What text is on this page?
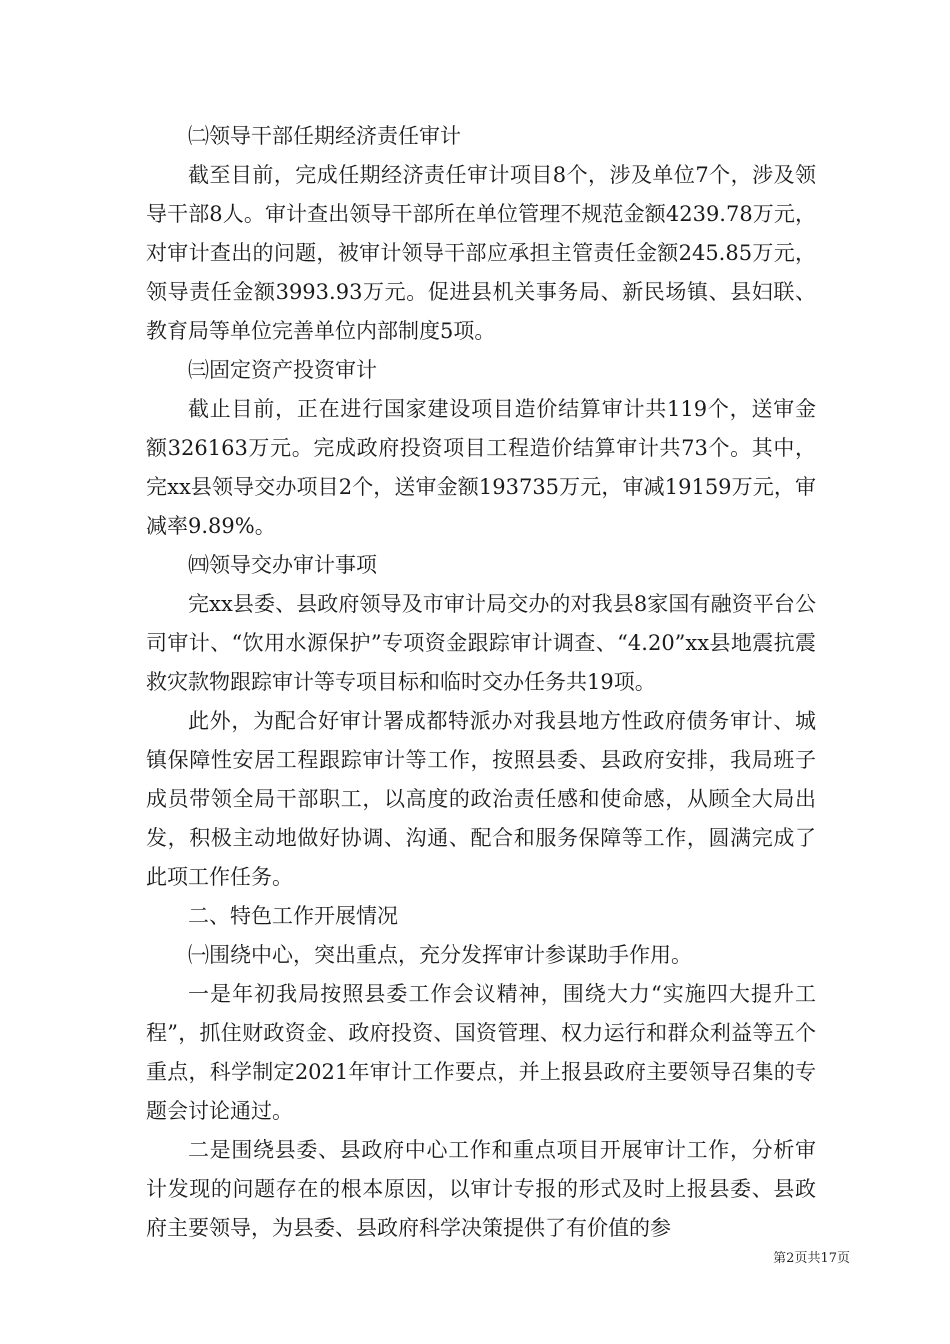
㈡领导干部任期经济责任审计

截至目前，完成任期经济责任审计项目8个，涉及单位7个，涉及领导干部8人。审计查出领导干部所在单位管理不规范金额4239.78万元，对审计查出的问题，被审计领导干部应承担主管责任金额245.85万元，领导责任金额3993.93万元。促进县机关事务局、新民场镇、县妇联、教育局等单位完善单位内部制度5项。

㈢固定资产投资审计

截止目前，正在进行国家建设项目造价结算审计共119个，送审金额326163万元。完成政府投资项目工程造价结算审计共73个。其中，完xx县领导交办项目2个，送审金额193735万元，审减19159万元，审减率9.89%。

㈣领导交办审计事项

完xx县委、县政府领导及市审计局交办的对我县8家国有融资平台公司审计、“饮用水源保护”专项资金跟踪审计调查、“4.20”xx县地震抗震救灾款物跟踪审计等专项目标和临时交办任务共19项。

此外，为配合好审计署成都特派办对我县地方性政府债务审计、城镇保障性安居工程跟踪审计等工作，按照县委、县政府安排，我局班子成员带领全局干部职工，以高度的政治责任感和使命感，从顾全大局出发，积极主动地做好协调、沟通、配合和服务保障等工作，圆满完成了此项工作任务。

二、特色工作开展情况

㈠围绕中心，突出重点，充分发挥审计参谋助手作用。

一是年初我局按照县委工作会议精神，围绕大力“实施四大提升工程”，抓住财政资金、政府投资、国资管理、权力运行和群众利益等五个重点，科学制定2021年审计工作要点，并上报县政府主要领导召集的专题会讨论通过。

二是围绕县委、县政府中心工作和重点项目开展审计工作，分析审计发现的问题存在的根本原因，以审计专报的形式及时上报县委、县政府主要领导，为县委、县政府科学决策提供了有价值的参

第2页共17页
